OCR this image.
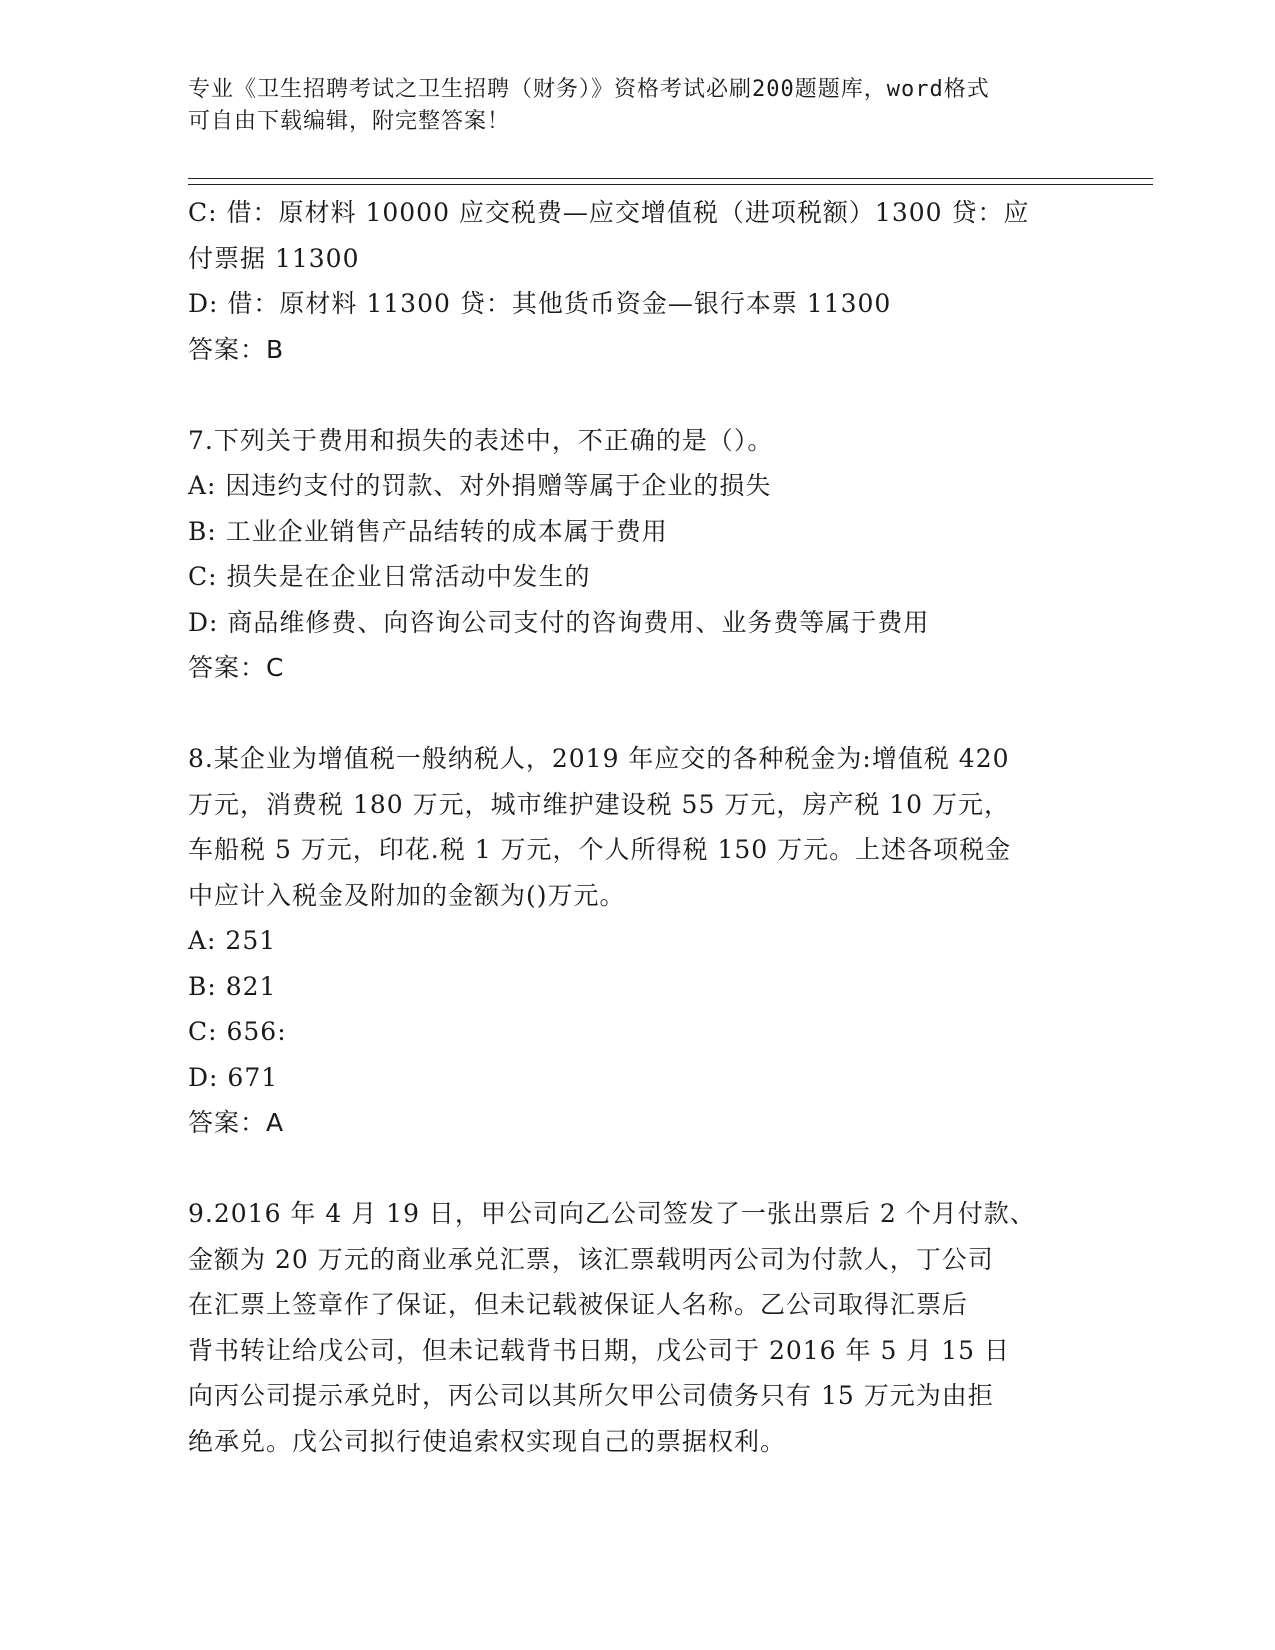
专业《卫生招聘考试之卫生招聘（财务）》资格考试必刷200题题库，word格式
可自由下载编辑，附完整答案！
C: 借：原材料 10000 应交税费—应交增值税（进项税额）1300 贷：应
付票据 11300
D: 借：原材料 11300 贷：其他货币资金—银行本票 11300
答案：B
7.下列关于费用和损失的表述中，不正确的是（）。
A: 因违约支付的罚款、对外捐赠等属于企业的损失
B: 工业企业销售产品结转的成本属于费用
C: 损失是在企业日常活动中发生的
D: 商品维修费、向咨询公司支付的咨询费用、业务费等属于费用
答案：C
8.某企业为增值税一般纳税人，2019 年应交的各种税金为:增值税 420
万元，消费税 180 万元，城市维护建设税 55 万元，房产税 10 万元，
车船税 5 万元，印花.税 1 万元，个人所得税 150 万元。上述各项税金
中应计入税金及附加的金额为()万元。
A: 251
B: 821
C: 656:
D: 671
答案：A
9.2016 年 4 月 19 日，甲公司向乙公司签发了一张出票后 2 个月付款、
金额为 20 万元的商业承兑汇票，该汇票载明丙公司为付款人，丁公司
在汇票上签章作了保证，但未记载被保证人名称。乙公司取得汇票后
背书转让给戊公司，但未记载背书日期，戊公司于 2016 年 5 月 15 日
向丙公司提示承兑时，丙公司以其所欠甲公司债务只有 15 万元为由拒
绝承兑。戊公司拟行使追索权实现自己的票据权利。
